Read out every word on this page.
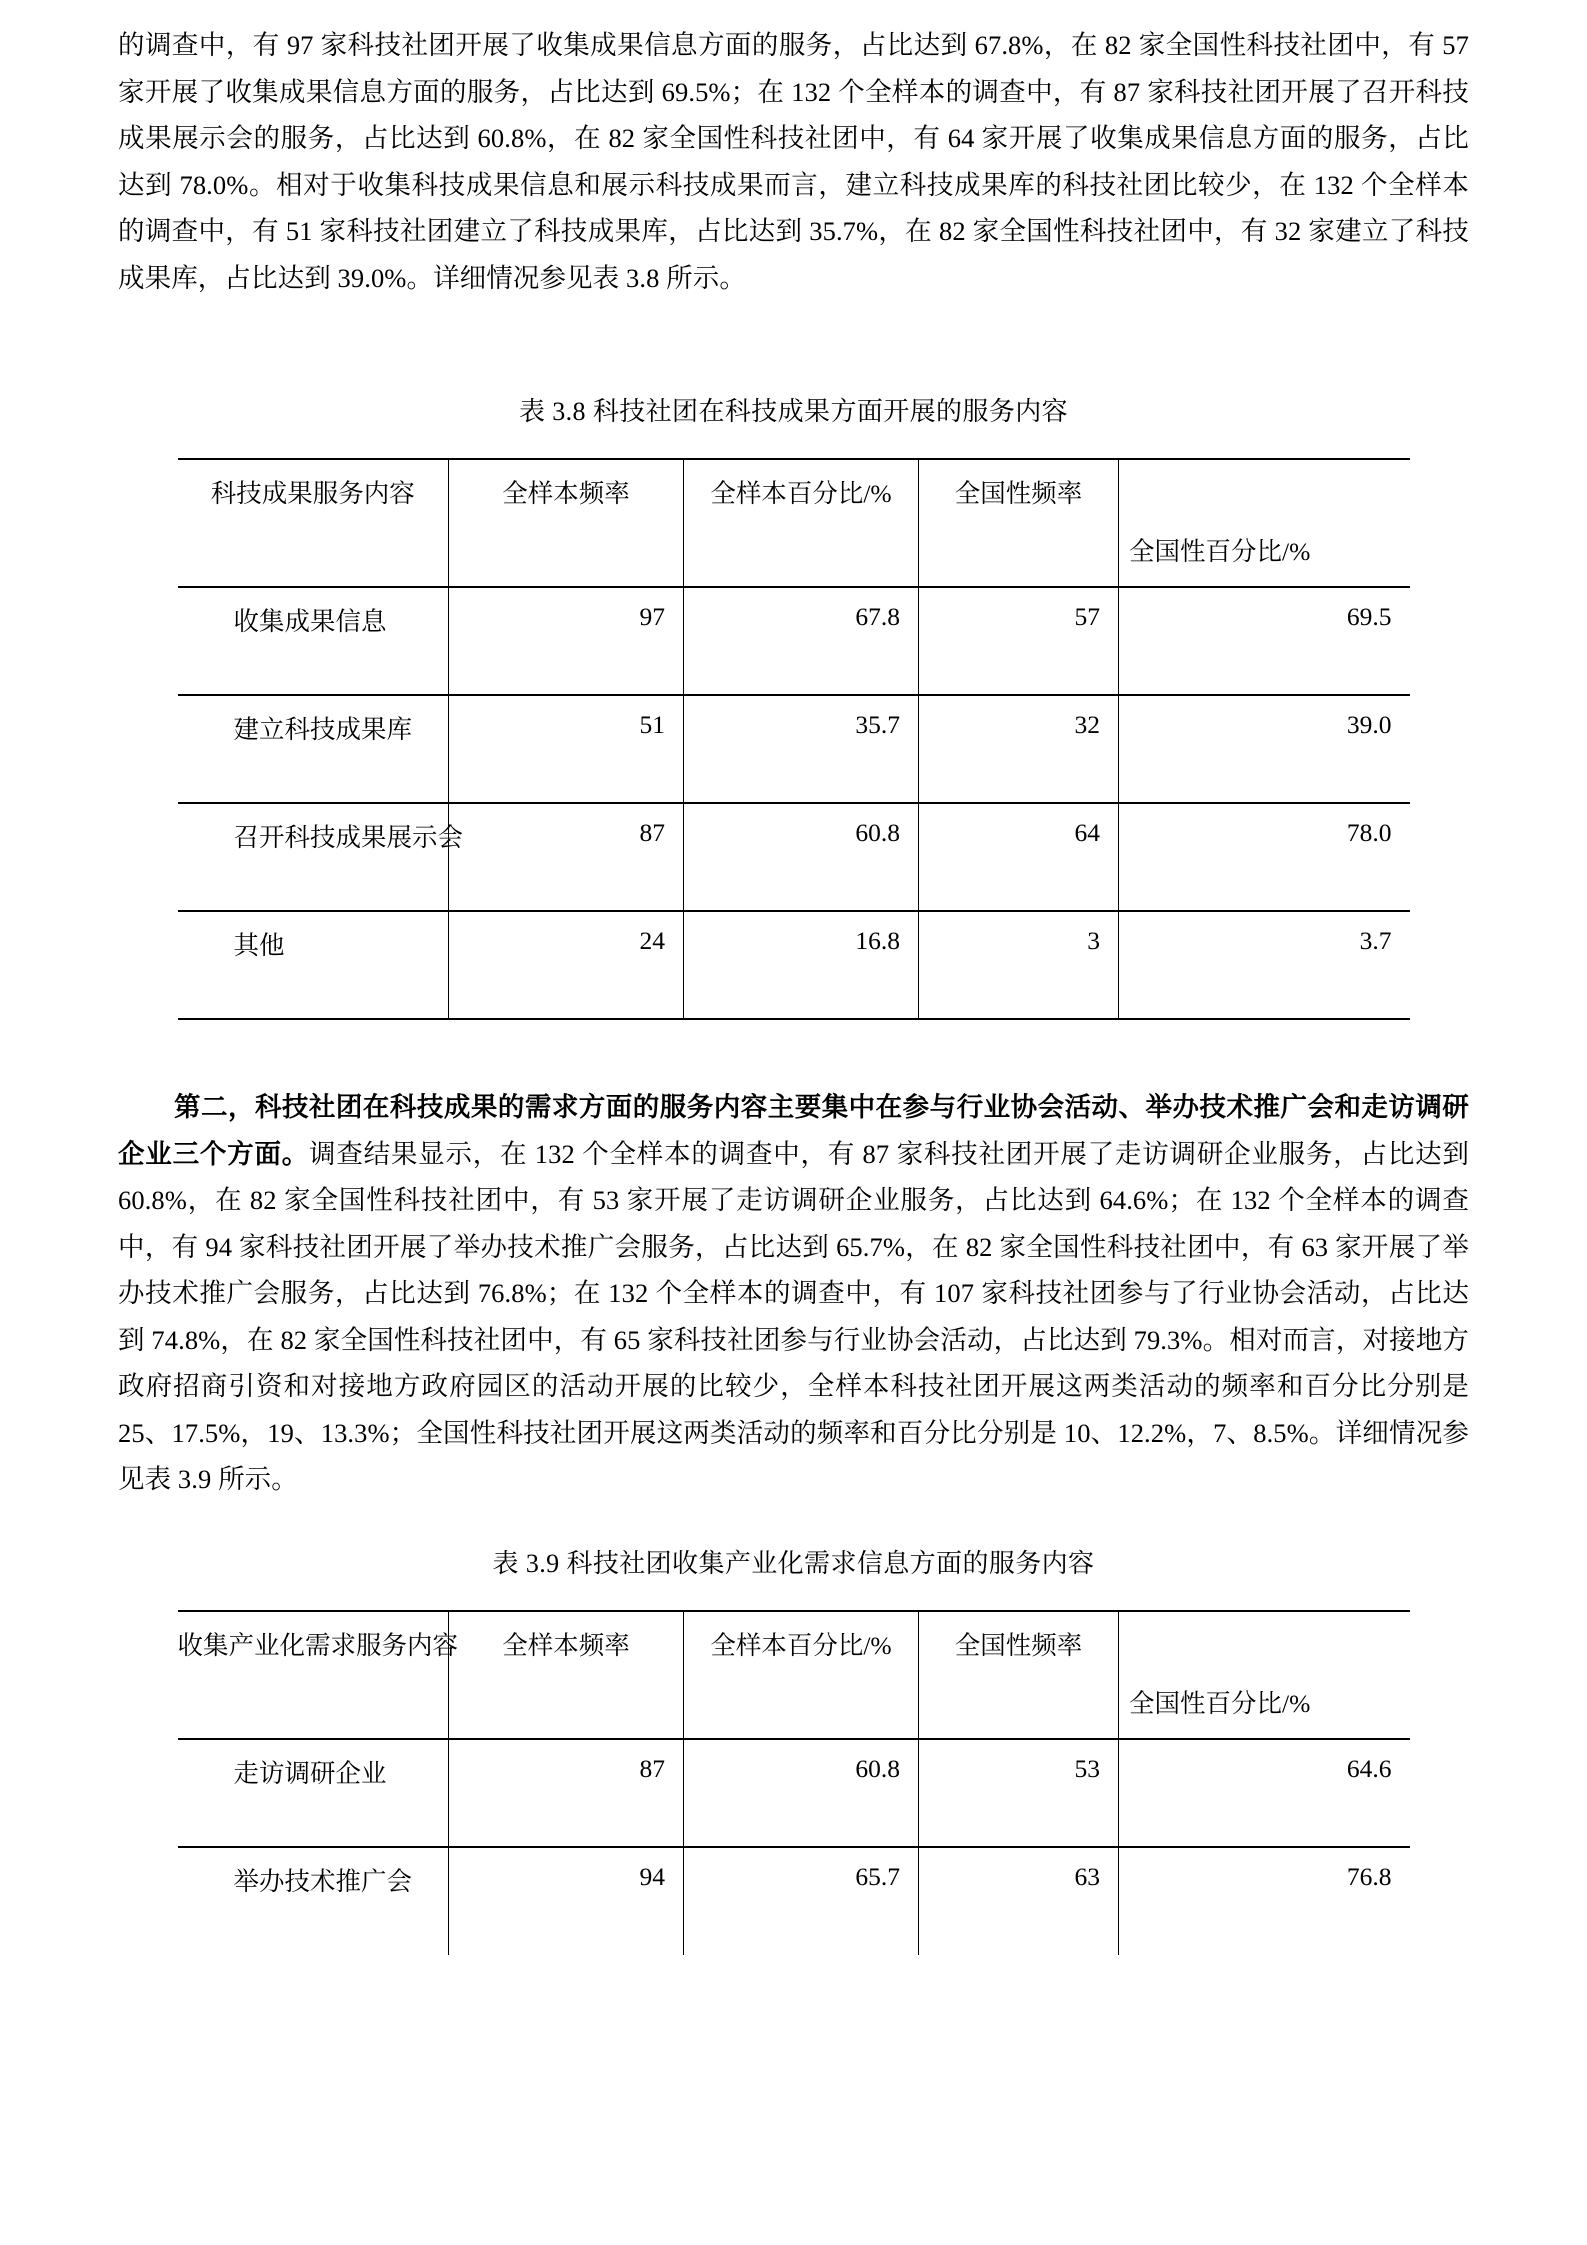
的调查中，有 97 家科技社团开展了收集成果信息方面的服务，占比达到 67.8%，在 82 家全国性科技社团中，有 57 家开展了收集成果信息方面的服务，占比达到 69.5%；在 132 个全样本的调查中，有 87 家科技社团开展了召开科技成果展示会的服务，占比达到 60.8%，在 82 家全国性科技社团中，有 64 家开展了收集成果信息方面的服务，占比达到 78.0%。相对于收集科技成果信息和展示科技成果而言，建立科技成果库的科技社团比较少，在 132 个全样本的调查中，有 51 家科技社团建立了科技成果库，占比达到 35.7%，在 82 家全国性科技社团中，有 32 家建立了科技成果库，占比达到 39.0%。详细情况参见表 3.8 所示。

表 3.8 科技社团在科技成果方面开展的服务内容

科技成果服务内容	全样本频率	全样本百分比/%	全国性频率	全国性百分比/%

收集成果信息	97	67.8	57	69.5

建立科技成果库	51	35.7	32	39.0

召开科技成果展示会	87	60.8	64	78.0

其他	24	16.8	3	3.7

第二，科技社团在科技成果的需求方面的服务内容主要集中在参与行业协会活动、举办技术推广会和走访调研企业三个方面。调查结果显示，在 132 个全样本的调查中，有 87 家科技社团开展了走访调研企业服务，占比达到 60.8%，在 82 家全国性科技社团中，有 53 家开展了走访调研企业服务，占比达到 64.6%；在 132 个全样本的调查中，有 94 家科技社团开展了举办技术推广会服务，占比达到 65.7%，在 82 家全国性科技社团中，有 63 家开展了举办技术推广会服务，占比达到 76.8%；在 132 个全样本的调查中，有 107 家科技社团参与了行业协会活动，占比达到 74.8%，在 82 家全国性科技社团中，有 65 家科技社团参与行业协会活动，占比达到 79.3%。相对而言，对接地方政府招商引资和对接地方政府园区的活动开展的比较少，全样本科技社团开展这两类活动的频率和百分比分别是 25、17.5%，19、13.3%；全国性科技社团开展这两类活动的频率和百分比分别是 10、12.2%，7、8.5%。详细情况参见表 3.9 所示。

表 3.9 科技社团收集产业化需求信息方面的服务内容

收集产业化需求服务内容	全样本频率	全样本百分比/%	全国性频率	全国性百分比/%

走访调研企业	87	60.8	53	64.6

举办技术推广会	94	65.7	63	76.8
